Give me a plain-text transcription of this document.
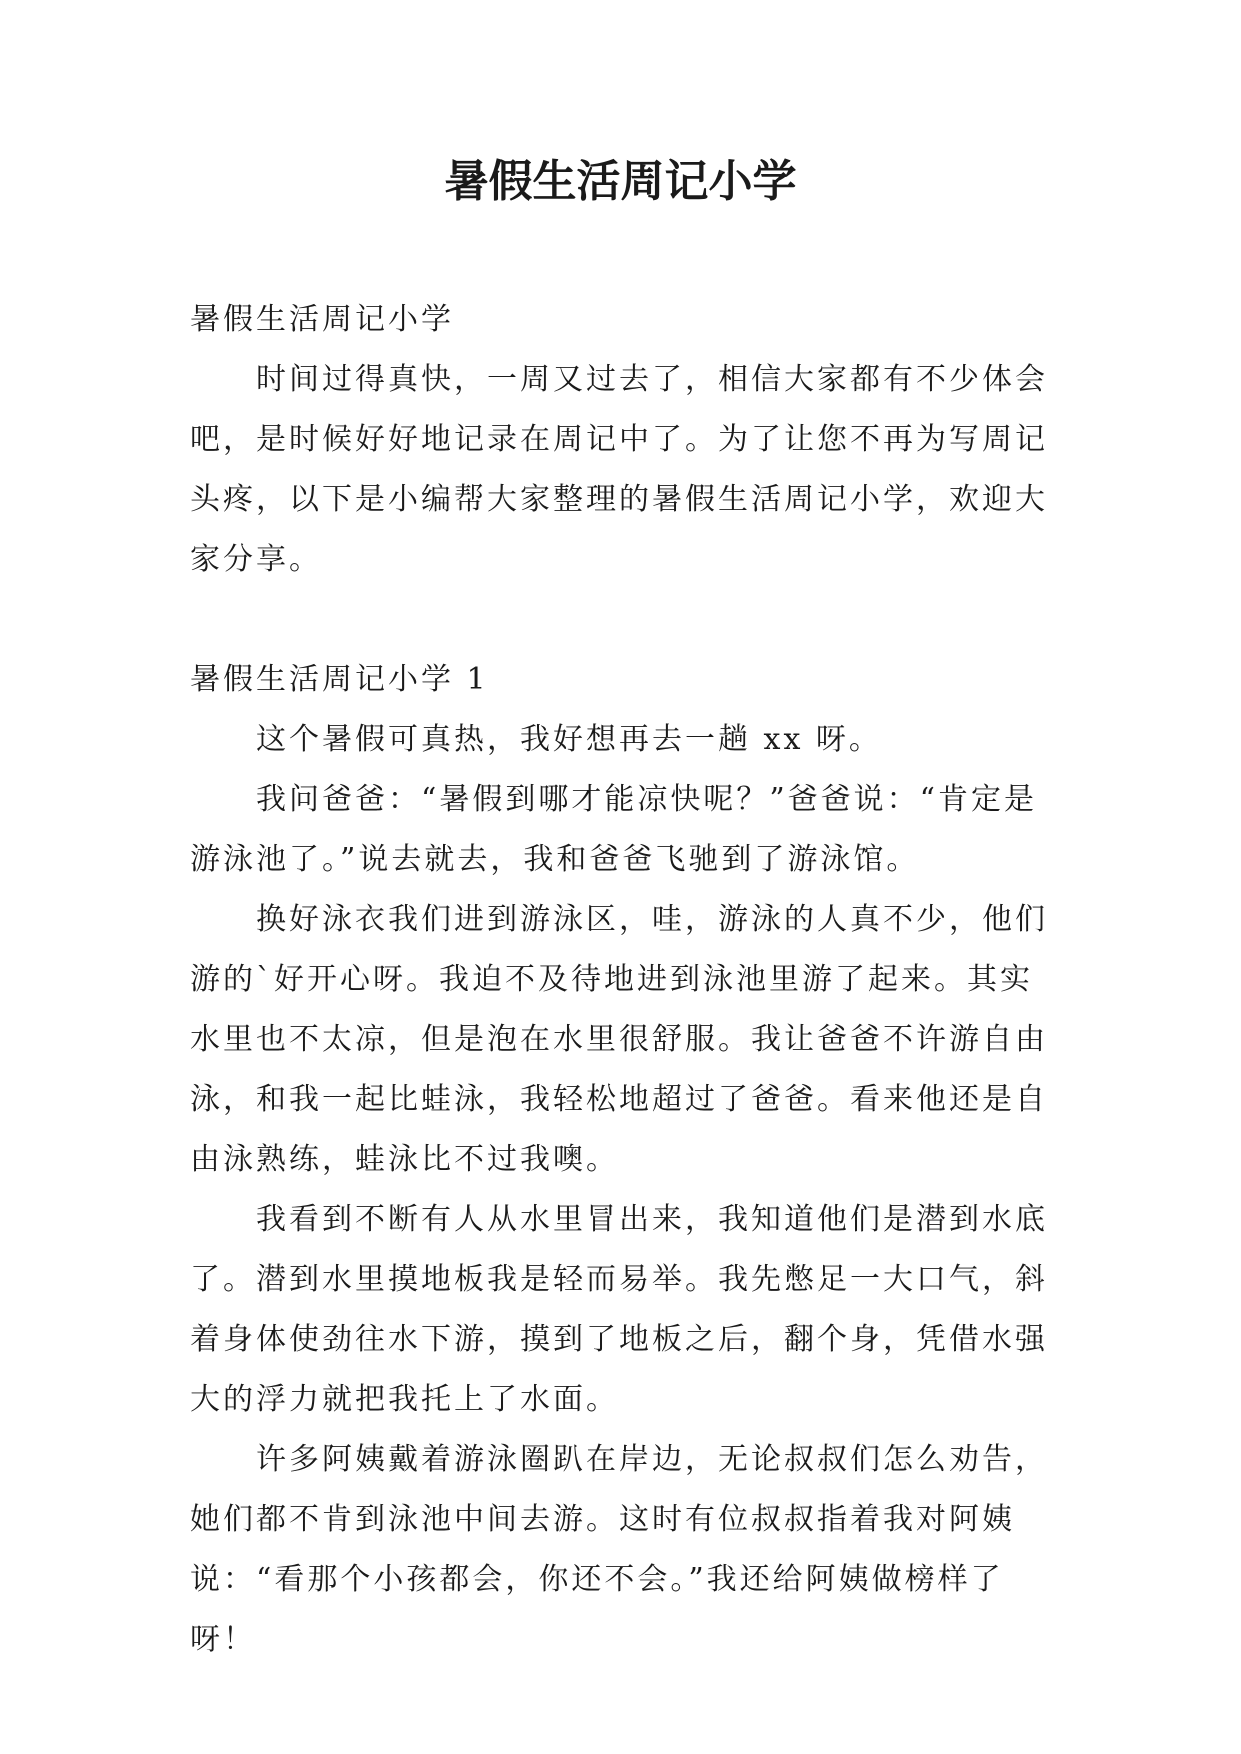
暑假生活周记小学

暑假生活周记小学

时间过得真快，一周又过去了，相信大家都有不少体会吧，是时候好好地记录在周记中了。为了让您不再为写周记头疼，以下是小编帮大家整理的暑假生活周记小学，欢迎大家分享。

暑假生活周记小学 1

这个暑假可真热，我好想再去一趟 xx 呀。

我问爸爸：“暑假到哪才能凉快呢？”爸爸说：“肯定是游泳池了。”说去就去，我和爸爸飞驰到了游泳馆。

换好泳衣我们进到游泳区，哇，游泳的人真不少，他们游的`好开心呀。我迫不及待地进到泳池里游了起来。其实水里也不太凉，但是泡在水里很舒服。我让爸爸不许游自由泳，和我一起比蛙泳，我轻松地超过了爸爸。看来他还是自由泳熟练，蛙泳比不过我噢。

我看到不断有人从水里冒出来，我知道他们是潜到水底了。潜到水里摸地板我是轻而易举。我先憋足一大口气，斜着身体使劲往水下游，摸到了地板之后，翻个身，凭借水强大的浮力就把我托上了水面。

许多阿姨戴着游泳圈趴在岸边，无论叔叔们怎么劝告，她们都不肯到泳池中间去游。这时有位叔叔指着我对阿姨说：“看那个小孩都会，你还不会。”我还给阿姨做榜样了呀！
